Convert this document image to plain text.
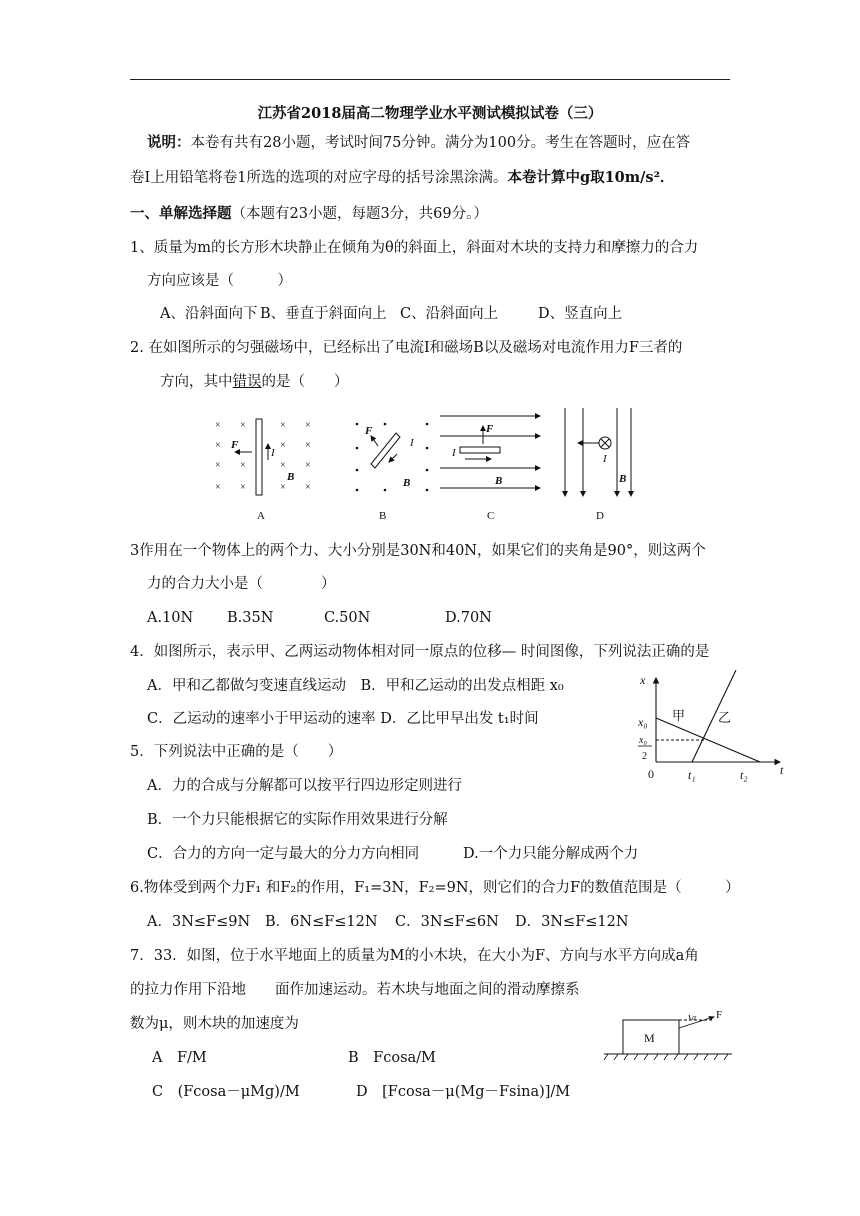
江苏省2018届高二物理学业水平测试模拟试卷（三）
说明：本卷有共有28小题，考试时间75分钟。满分为100分。考生在答题时，应在答
卷Ⅰ上用铅笔将卷1所选的选项的对应字母的括号涂黑涂满。本卷计算中g取10m/s²．
一、单解选择题（本题有23小题，每题3分，共69分。）
1、质量为m的长方形木块静止在倾角为θ的斜面上，斜面对木块的支持力和摩擦力的合力
方向应该是（　　　）
A、沿斜面向下 B、垂直于斜面向上 C、沿斜面向上	D、竖直向上
2. 在如图所示的匀强磁场中，已经标出了电流I和磁场B以及磁场对电流作用力F三者的
方向，其中错误的是（　　）
× ×	× ×
×	× ×
× ×	× ×
× ×	× ×
F
I
B
A
F
I
B
B
F
I
B
C
I
B
D
3作用在一个物体上的两个力、大小分别是30N和40N，如果它们的夹角是90°，则这两个
力的合力大小是（　　　　）
A.10N B.35N	C.50N	D.70N
4．如图所示，表示甲、乙两运动物体相对同一原点的位移— 时间图像，下列说法正确的是
A．甲和乙都做匀变速直线运动　B．甲和乙运动的出发点相距 x₀
C．乙运动的速率小于甲运动的速率 D．乙比甲早出发 t₁时间
x
t
x₀
x₀
2
0	t₁	t₂
甲	乙
5．下列说法中正确的是（　　）
A．力的合成与分解都可以按平行四边形定则进行
B．一个力只能根据它的实际作用效果进行分解
C．合力的方向一定与最大的分力方向相同	D.一个力只能分解成两个力
6.物体受到两个力F₁ 和F₂的作用，F₁=3N，F₂=9N，则它们的合力F的数值范围是（　　　）
A．3N≤F≤9N B．6N≤F≤12N C．3N≤F≤6N D．3N≤F≤12N
7．33．如图，位于水平地面上的质量为M的小木块，在大小为F、方向与水平方向成a角
的拉力作用下沿地　　面作加速运动。若木块与地面之间的滑动摩擦系
数为μ，则木块的加速度为
M
F
α
A　F/M	B　Fcosa/M
C　(Fcosa－μMg)/M	D　[Fcosa－μ(Mg－Fsina)]/M
